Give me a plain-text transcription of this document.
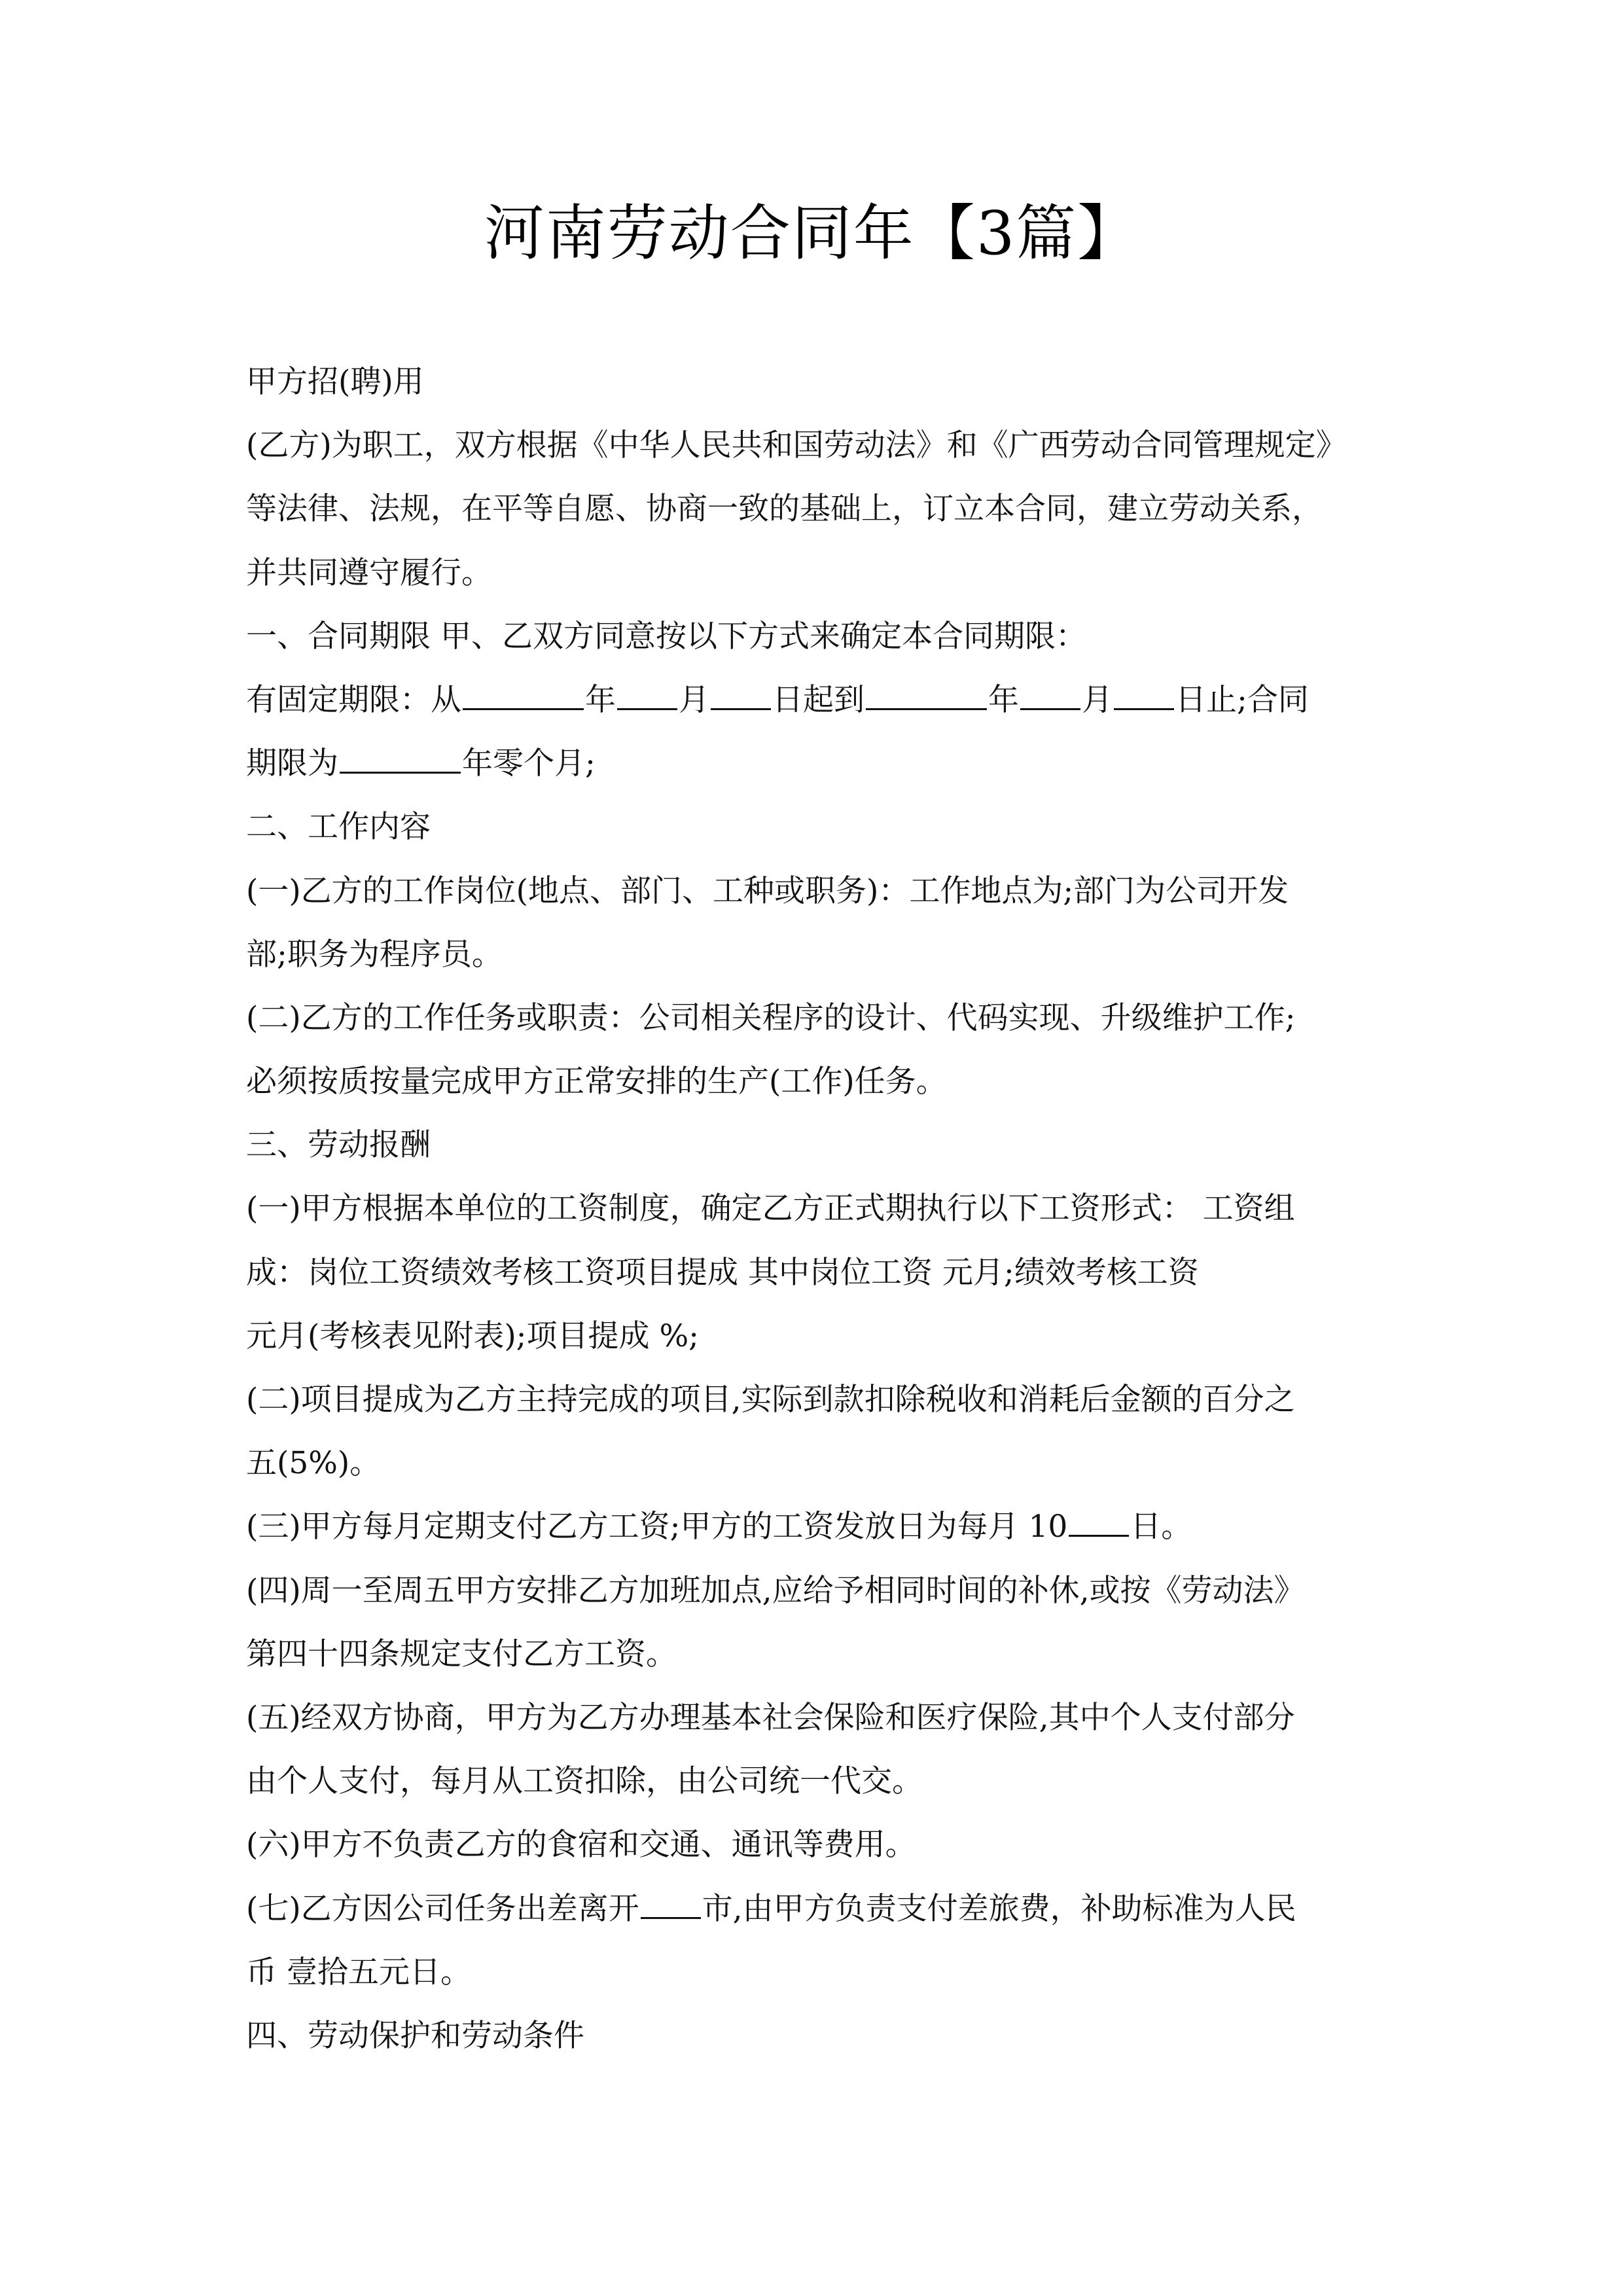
河南劳动合同年【3篇】
甲方招(聘)用
(乙方)为职工，双方根据《中华人民共和国劳动法》和《广西劳动合同管理规定》
等法律、法规，在平等自愿、协商一致的基础上，订立本合同，建立劳动关系，
并共同遵守履行。
一、合同期限 甲、乙双方同意按以下方式来确定本合同期限：
有固定期限：从	年 月 日起到	年 月 日止;合同
期限为	年零个月;
二、工作内容
(一)乙方的工作岗位(地点、部门、工种或职务)：工作地点为;部门为公司开发
部;职务为程序员。
(二)乙方的工作任务或职责：公司相关程序的设计、代码实现、升级维护工作;
必须按质按量完成甲方正常安排的生产(工作)任务。
三、劳动报酬
(一)甲方根据本单位的工资制度，确定乙方正式期执行以下工资形式： 工资组
成：岗位工资绩效考核工资项目提成 其中岗位工资 元月;绩效考核工资
元月(考核表见附表);项目提成 %;
(二)项目提成为乙方主持完成的项目,实际到款扣除税收和消耗后金额的百分之
五(5%)。
(三)甲方每月定期支付乙方工资;甲方的工资发放日为每月 10 日。
(四)周一至周五甲方安排乙方加班加点,应给予相同时间的补休,或按《劳动法》
第四十四条规定支付乙方工资。
(五)经双方协商，甲方为乙方办理基本社会保险和医疗保险,其中个人支付部分
由个人支付，每月从工资扣除，由公司统一代交。
(六)甲方不负责乙方的食宿和交通、通讯等费用。
(七)乙方因公司任务出差离开 市,由甲方负责支付差旅费，补助标准为人民
币 壹拾五元日。
四、劳动保护和劳动条件
